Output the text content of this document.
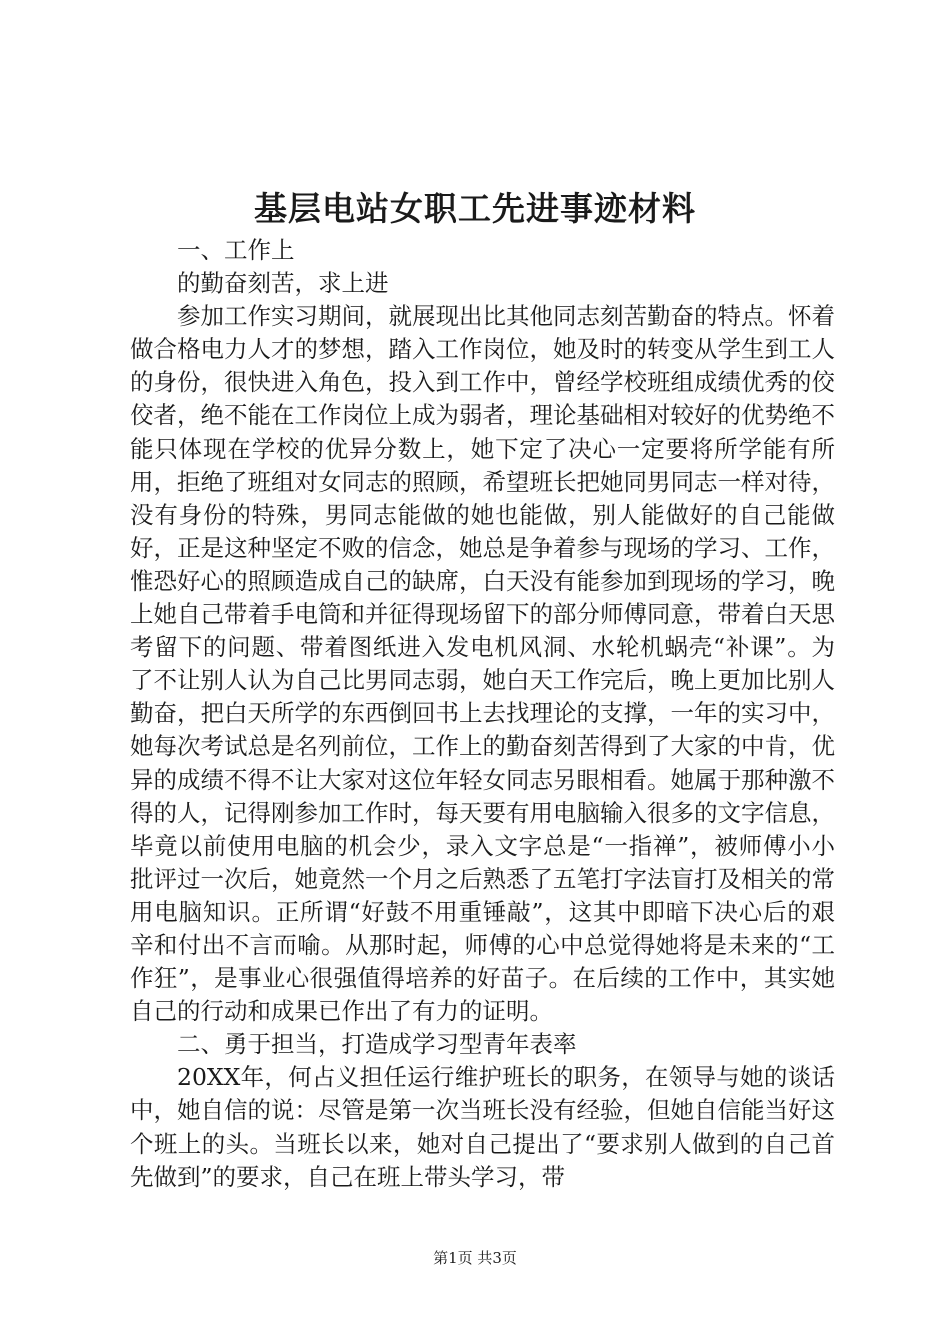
基层电站女职工先进事迹材料

一、工作上

的勤奋刻苦，求上进

参加工作实习期间，就展现出比其他同志刻苦勤奋的特点。怀着做合格电力人才的梦想，踏入工作岗位，她及时的转变从学生到工人的身份，很快进入角色，投入到工作中，曾经学校班组成绩优秀的佼佼者，绝不能在工作岗位上成为弱者，理论基础相对较好的优势绝不能只体现在学校的优异分数上，她下定了决心一定要将所学能有所用，拒绝了班组对女同志的照顾，希望班长把她同男同志一样对待，没有身份的特殊，男同志能做的她也能做，别人能做好的自己能做好，正是这种坚定不败的信念，她总是争着参与现场的学习、工作，惟恐好心的照顾造成自己的缺席，白天没有能参加到现场的学习，晚上她自己带着手电筒和并征得现场留下的部分师傅同意，带着白天思考留下的问题、带着图纸进入发电机风洞、水轮机蜗壳“补课”。为了不让别人认为自己比男同志弱，她白天工作完后，晚上更加比别人勤奋，把白天所学的东西倒回书上去找理论的支撑，一年的实习中，她每次考试总是名列前位，工作上的勤奋刻苦得到了大家的中肯，优异的成绩不得不让大家对这位年轻女同志另眼相看。她属于那种激不得的人，记得刚参加工作时，每天要有用电脑输入很多的文字信息，毕竟以前使用电脑的机会少，录入文字总是“一指禅”，被师傅小小批评过一次后，她竟然一个月之后熟悉了五笔打字法盲打及相关的常用电脑知识。正所谓“好鼓不用重锤敲”，这其中即暗下决心后的艰辛和付出不言而喻。从那时起，师傅的心中总觉得她将是未来的“工作狂”，是事业心很强值得培养的好苗子。在后续的工作中，其实她自己的行动和成果已作出了有力的证明。

二、勇于担当，打造成学习型青年表率

20XX年，何占义担任运行维护班长的职务，在领导与她的谈话中，她自信的说：尽管是第一次当班长没有经验，但她自信能当好这个班上的头。当班长以来，她对自己提出了“要求别人做到的自己首先做到”的要求，自己在班上带头学习，带

第1页 共3页
